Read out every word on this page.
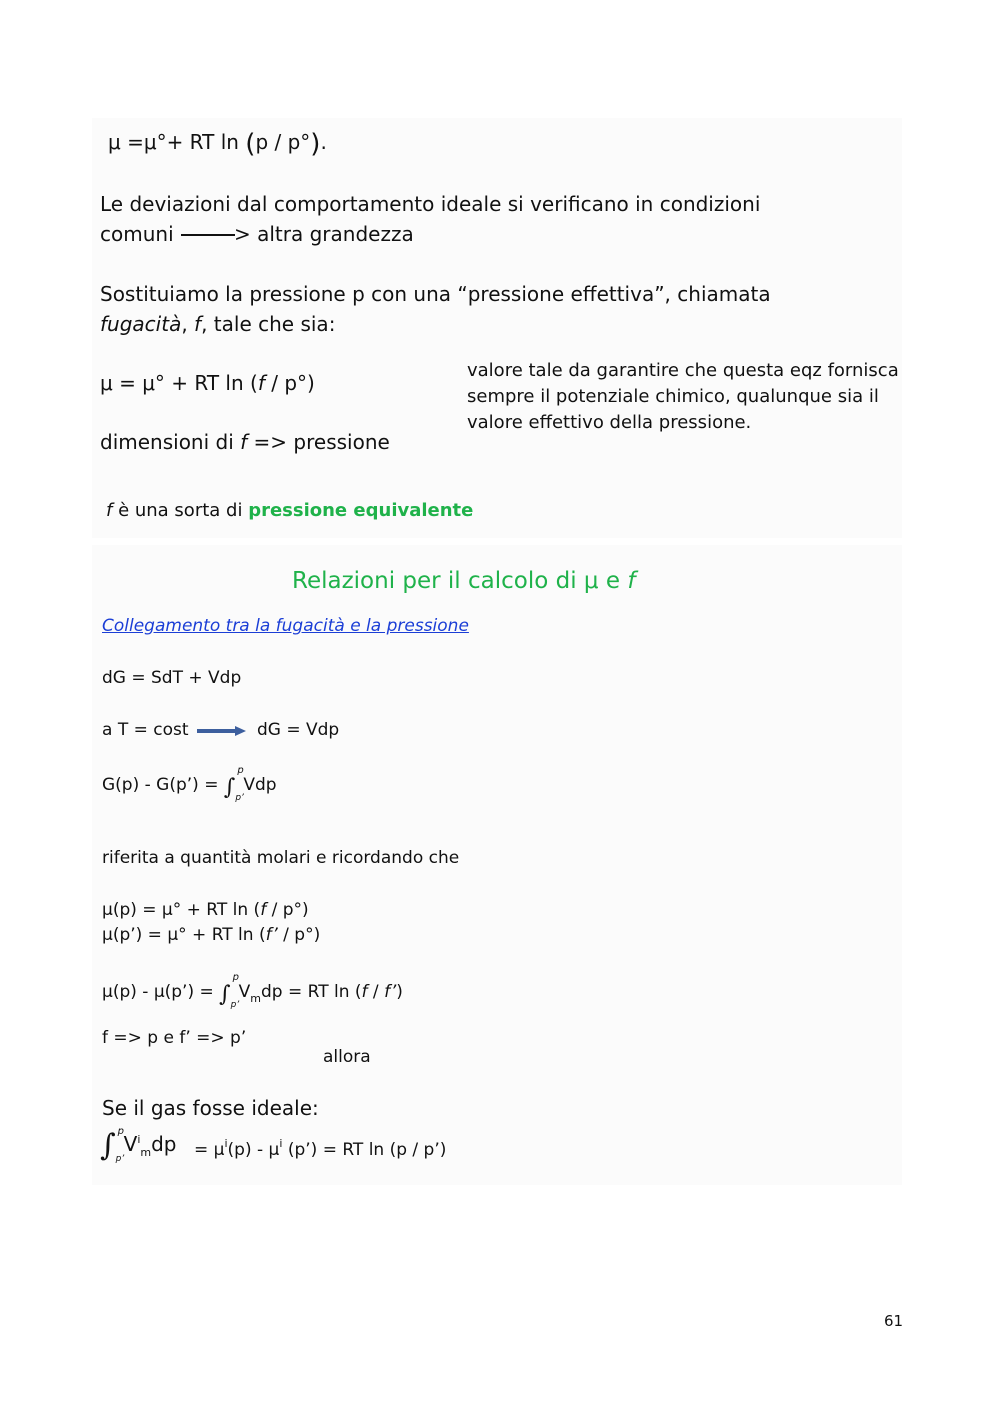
μ =μ°+ RT ln (p / p°).
Le deviazioni dal comportamento ideale si verificano in condizioni
comuni	> altra grandezza
Sostituiamo la pressione p con una “pressione effettiva”, chiamata
fugacità, f, tale che sia:
μ = μ° + RT ln (f / p°)
dimensioni di f => pressione
valore tale da garantire che questa eqz fornisca
sempre il potenziale chimico, qualunque sia il
valore effettivo della pressione.
f è una sorta di pressione equivalente
Relazioni per il calcolo di μ e f
Collegamento tra la fugacità e la pressione
dG = SdT + Vdp
a T = cost	dG = Vdp
G(p) - G(p’) = ∫
p
p’
Vdp
riferita a quantità molari e ricordando che
μ(p) = μ° + RT ln (f / p°)
μ(p’) = μ° + RT ln (f’ / p°)
μ(p) - μ(p’) = ∫
p
p’
$V_mdp$ = RT ln (f / f’)
f => p e f’ => p’
allora
Se il gas fosse ideale:
∫ p
p’
$V^i_mdp = \mu^i(p) - \mu^i$ (p’) = RT ln (p / p’)
61
